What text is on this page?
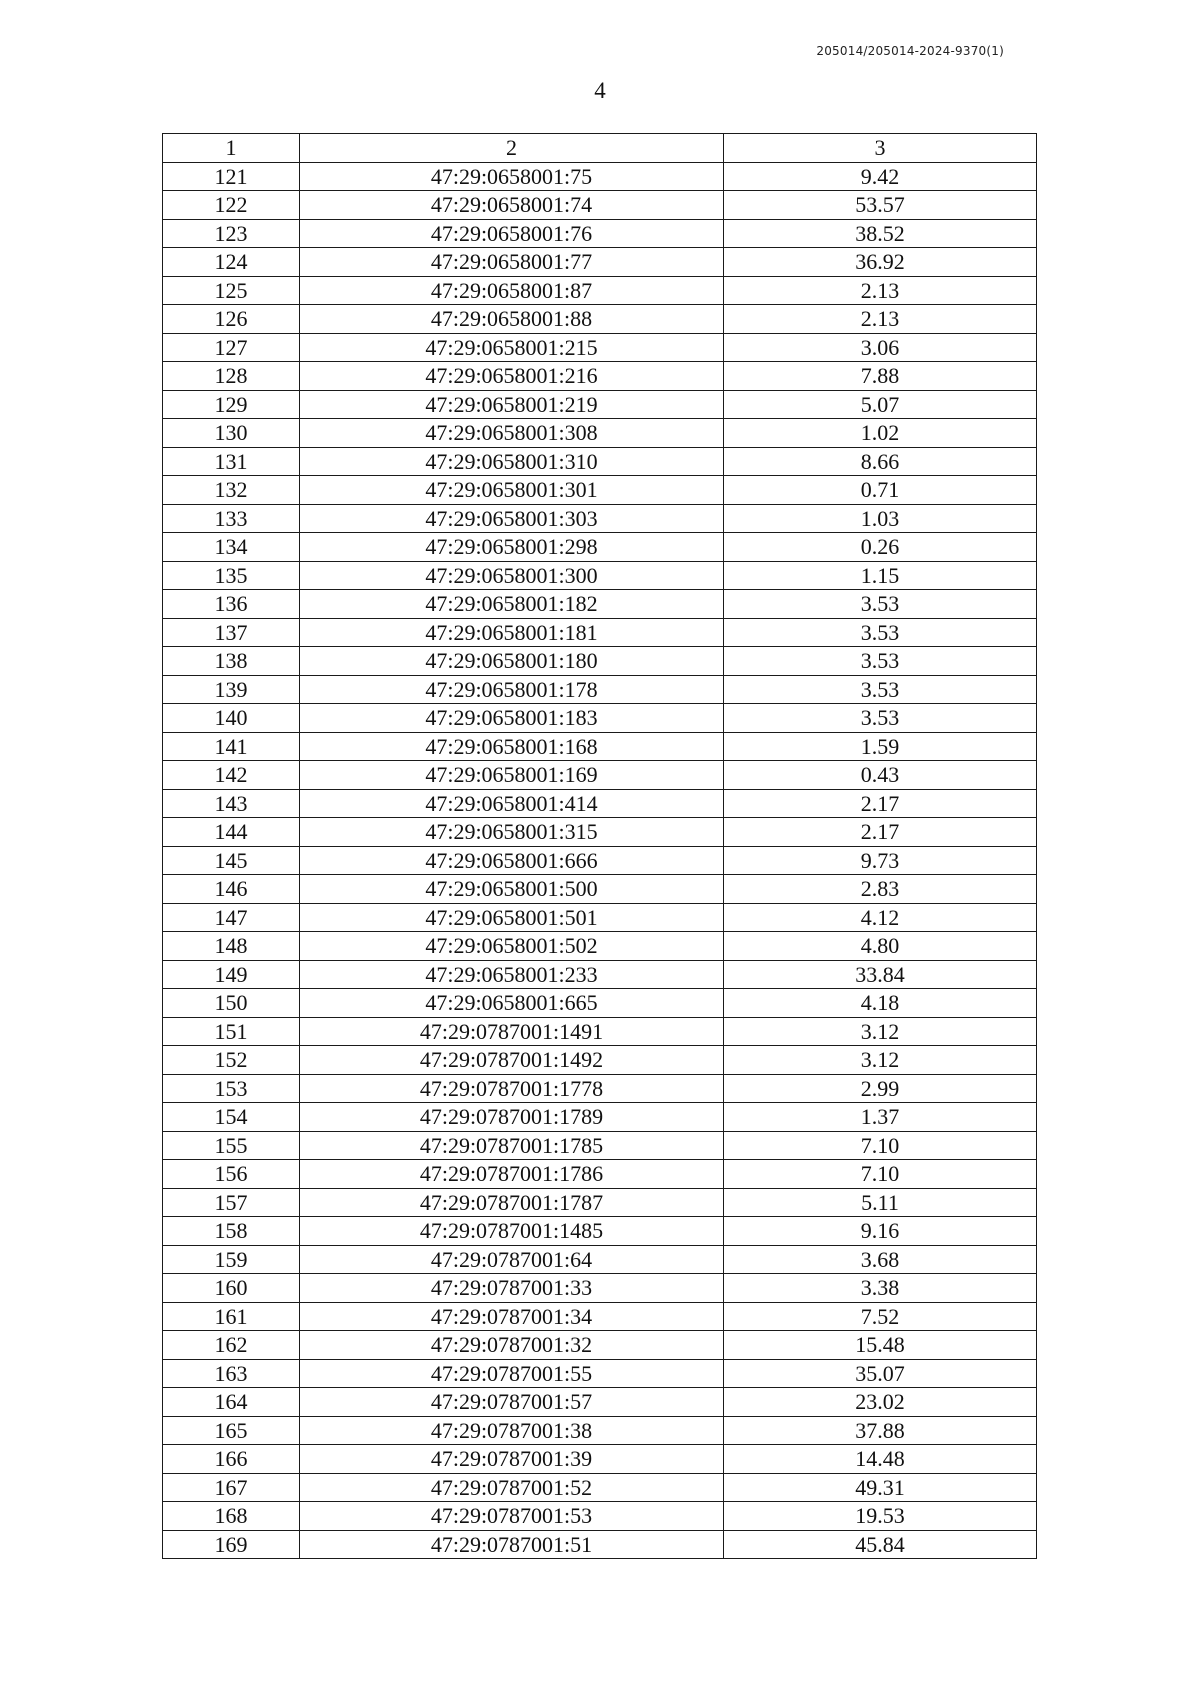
205014/205014-2024-9370(1)
4
1	2	3
121	47:29:0658001:75	9.42
122	47:29:0658001:74	53.57
123	47:29:0658001:76	38.52
124	47:29:0658001:77	36.92
125	47:29:0658001:87	2.13
126	47:29:0658001:88	2.13
127	47:29:0658001:215	3.06
128	47:29:0658001:216	7.88
129	47:29:0658001:219	5.07
130	47:29:0658001:308	1.02
131	47:29:0658001:310	8.66
132	47:29:0658001:301	0.71
133	47:29:0658001:303	1.03
134	47:29:0658001:298	0.26
135	47:29:0658001:300	1.15
136	47:29:0658001:182	3.53
137	47:29:0658001:181	3.53
138	47:29:0658001:180	3.53
139	47:29:0658001:178	3.53
140	47:29:0658001:183	3.53
141	47:29:0658001:168	1.59
142	47:29:0658001:169	0.43
143	47:29:0658001:414	2.17
144	47:29:0658001:315	2.17
145	47:29:0658001:666	9.73
146	47:29:0658001:500	2.83
147	47:29:0658001:501	4.12
148	47:29:0658001:502	4.80
149	47:29:0658001:233	33.84
150	47:29:0658001:665	4.18
151	47:29:0787001:1491	3.12
152	47:29:0787001:1492	3.12
153	47:29:0787001:1778	2.99
154	47:29:0787001:1789	1.37
155	47:29:0787001:1785	7.10
156	47:29:0787001:1786	7.10
157	47:29:0787001:1787	5.11
158	47:29:0787001:1485	9.16
159	47:29:0787001:64	3.68
160	47:29:0787001:33	3.38
161	47:29:0787001:34	7.52
162	47:29:0787001:32	15.48
163	47:29:0787001:55	35.07
164	47:29:0787001:57	23.02
165	47:29:0787001:38	37.88
166	47:29:0787001:39	14.48
167	47:29:0787001:52	49.31
168	47:29:0787001:53	19.53
169	47:29:0787001:51	45.84
